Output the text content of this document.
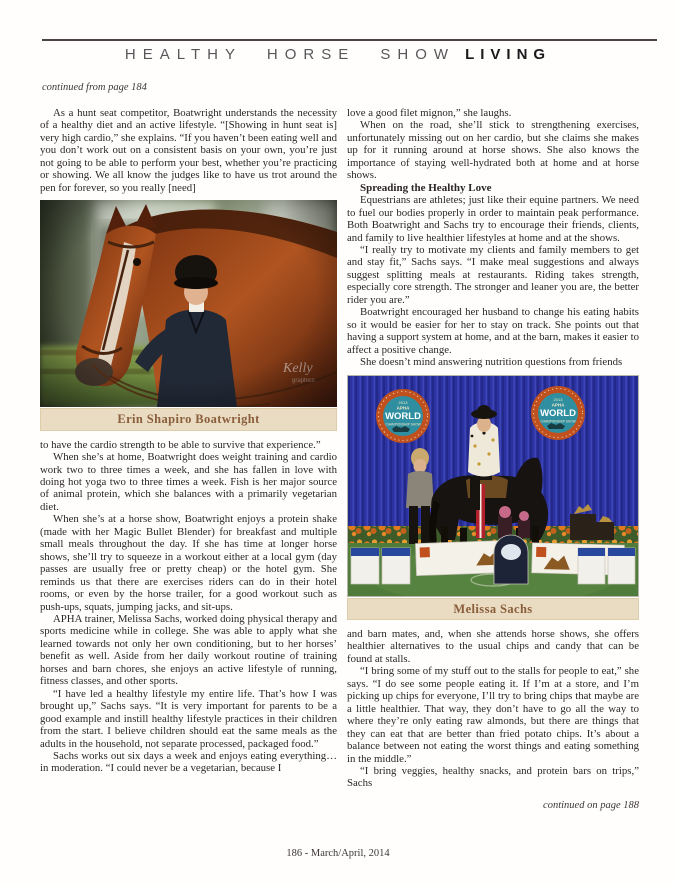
HEALTHY HORSE SHOW LIVING
continued from page 184

As a hunt seat competitor, Boatwright understands the necessity of a healthy diet and an active lifestyle. “[Showing in hunt seat is] very high cardio,” she explains. “If you haven’t been eating well and you don’t work out on a consistent basis on your own, you’re just not going to be able to perform your best, whether you’re practicing or showing. We all know the judges like to have us trot around the pen for forever, so you really [need]

Erin Shapiro Boatwright

to have the cardio strength to be able to survive that experience.”

When she’s at home, Boatwright does weight training and cardio work two to three times a week, and she has fallen in love with doing hot yoga two to three times a week. Fish is her major source of animal protein, which she balances with a primarily vegetarian diet.

When she’s at a horse show, Boatwright enjoys a protein shake (made with her Magic Bullet Blender) for breakfast and multiple small meals throughout the day. If she has time at longer horse shows, she’ll try to squeeze in a workout either at a local gym (day passes are usually free or pretty cheap) or the hotel gym. She reminds us that there are exercises riders can do in their hotel rooms, or even by the horse trailer, for a good workout such as push-ups, squats, jumping jacks, and sit-ups.

APHA trainer, Melissa Sachs, worked doing physical therapy and sports medicine while in college. She was able to apply what she learned towards not only her own conditioning, but to her horses’ benefit as well. Aside from her daily workout routine of training horses and barn chores, she enjoys an active lifestyle of running, fitness classes, and other sports.

“I have led a healthy lifestyle my entire life. That’s how I was brought up,” Sachs says. “It is very important for parents to be a good example and instill healthy lifestyle practices in their children from the start. I believe children should eat the same meals as the adults in the household, not separate processed, packaged food.”

Sachs works out six days a week and enjoys eating everything…in moderation. “I could never be a vegetarian, because I

love a good filet mignon,” she laughs.

When on the road, she’ll stick to strengthening exercises, unfortunately missing out on her cardio, but she claims she makes up for it running around at horse shows. She also knows the importance of staying well-hydrated both at home and at horse shows.

Spreading the Healthy Love

Equestrians are athletes; just like their equine partners. We need to fuel our bodies properly in order to maintain peak performance. Both Boatwright and Sachs try to encourage their friends, clients, and family to live healthier lifestyles at home and at the shows.

“I really try to motivate my clients and family members to get and stay fit,” Sachs says. “I make meal suggestions and always suggest splitting meals at restaurants. Riding takes strength, especially core strength. The stronger and leaner you are, the better rider you are.”

Boatwright encouraged her husband to change his eating habits so it would be easier for her to stay on track. She points out that having a support system at home, and at the barn, makes it easier to affect a positive change.

She doesn’t mind answering nutrition questions from friends

2013
APHA
WORLD
CHAMPIONSHIP SHOW
Melissa Sachs

and barn mates, and, when she attends horse shows, she offers healthier alternatives to the usual chips and candy that can be found at stalls.

“I bring some of my stuff out to the stalls for people to eat,” she says. “I do see some people eating it. If I’m at a store, and I’m picking up chips for everyone, I’ll try to bring chips that maybe are a little healthier. That way, they don’t have to go all the way to where they’re only eating raw almonds, but there are things that they can eat that are better than fried potato chips. It’s about a balance between not eating the worst things and eating something in the middle.”

“I bring veggies, healthy snacks, and protein bars on trips,” Sachs

continued on page 188
186 - March/April, 2014
